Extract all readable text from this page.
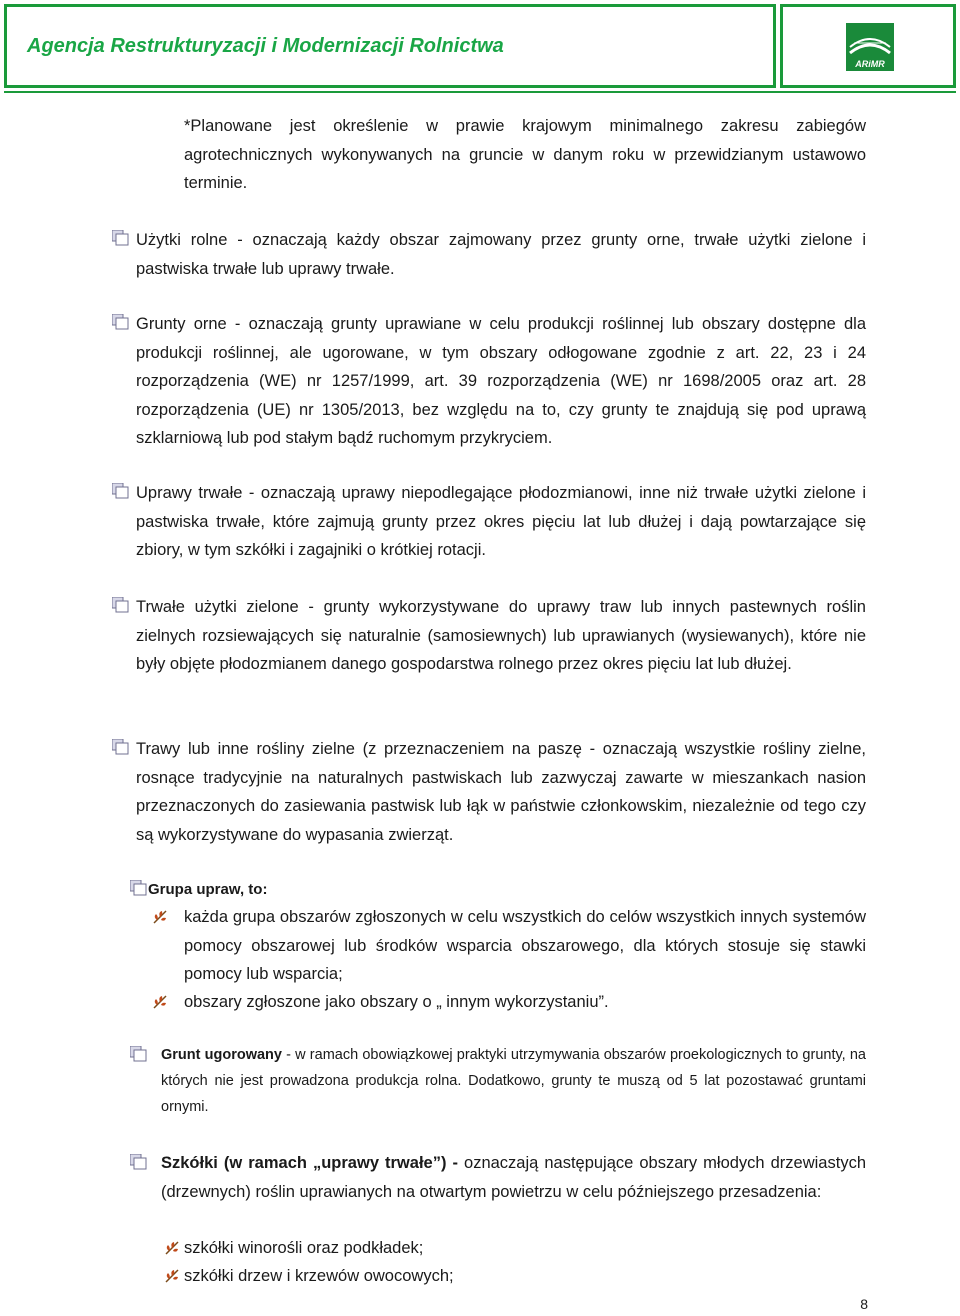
Agencja Restrukturyzacji i Modernizacji Rolnictwa
ARiMR
*Planowane jest określenie w prawie krajowym minimalnego zakresu zabiegów agrotechnicznych wykonywanych na gruncie w danym roku w przewidzianym ustawowo terminie.
Użytki rolne - oznaczają każdy obszar zajmowany przez grunty orne, trwałe użytki zielone i pastwiska trwałe lub uprawy trwałe.
Grunty orne - oznaczają grunty uprawiane w celu produkcji roślinnej lub obszary dostępne dla produkcji roślinnej, ale ugorowane, w tym obszary odłogowane zgodnie z art. 22, 23 i 24 rozporządzenia (WE) nr 1257/1999, art. 39 rozporządzenia (WE) nr 1698/2005 oraz art. 28 rozporządzenia (UE) nr 1305/2013, bez względu na to, czy grunty te znajdują się pod uprawą szklarniową lub pod stałym bądź ruchomym przykryciem.
Uprawy trwałe - oznaczają uprawy niepodlegające płodozmianowi, inne niż trwałe użytki zielone i pastwiska trwałe, które zajmują grunty przez okres pięciu lat lub dłużej i dają powtarzające się zbiory, w tym szkółki i zagajniki o krótkiej rotacji.
Trwałe użytki zielone - grunty wykorzystywane do uprawy traw lub innych pastewnych roślin zielnych rozsiewających się naturalnie (samosiewnych) lub uprawianych (wysiewanych), które nie były objęte płodozmianem danego gospodarstwa rolnego przez okres pięciu lat lub dłużej.
Trawy lub inne rośliny zielne (z przeznaczeniem na paszę - oznaczają wszystkie rośliny zielne, rosnące tradycyjnie na naturalnych pastwiskach lub zazwyczaj zawarte w mieszankach nasion przeznaczonych do zasiewania pastwisk lub łąk w państwie członkowskim, niezależnie od tego czy są wykorzystywane do wypasania zwierząt.
Grupa upraw, to:
każda grupa obszarów zgłoszonych w celu wszystkich do celów wszystkich innych systemów pomocy obszarowej lub środków wsparcia obszarowego, dla których stosuje się stawki pomocy lub wsparcia;
obszary zgłoszone jako obszary o „ innym wykorzystaniu”.
Grunt ugorowany - w ramach obowiązkowej praktyki utrzymywania obszarów proekologicznych to grunty, na których nie jest prowadzona produkcja rolna. Dodatkowo, grunty te muszą od 5 lat pozostawać gruntami ornymi.
Szkółki (w ramach „uprawy trwałe”) - oznaczają następujące obszary młodych drzewiastych (drzewnych) roślin uprawianych na otwartym powietrzu w celu późniejszego przesadzenia:
szkółki winorośli oraz podkładek;
szkółki drzew i krzewów owocowych;
8
